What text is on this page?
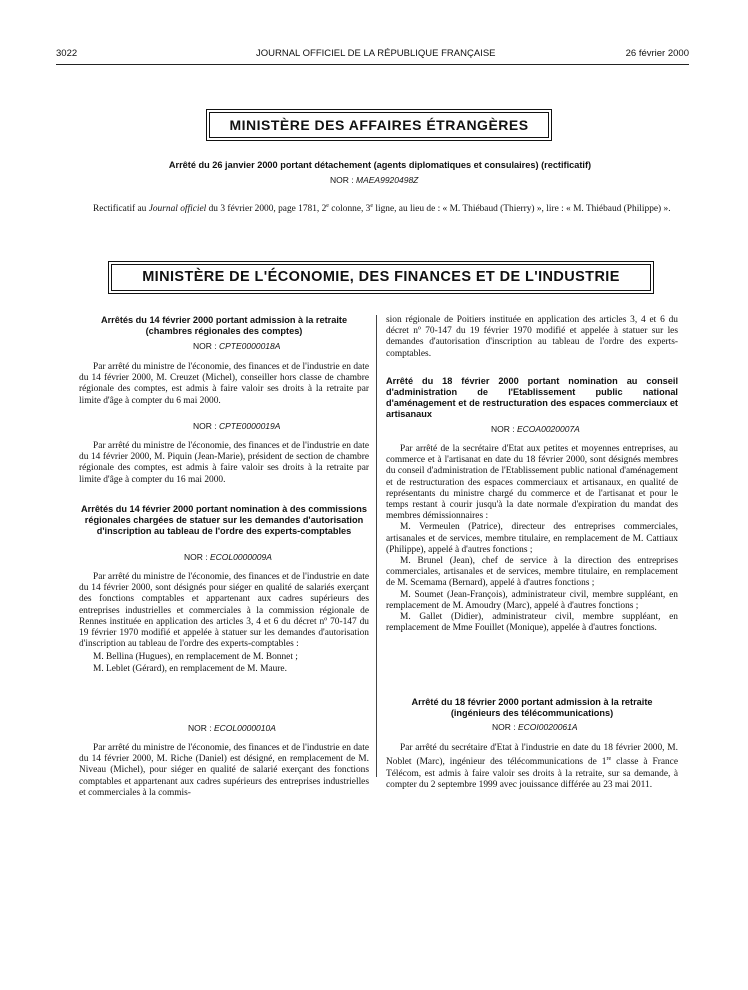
3022	JOURNAL OFFICIEL DE LA RÉPUBLIQUE FRANÇAISE	26 février 2000
MINISTÈRE DES AFFAIRES ÉTRANGÈRES
Arrêté du 26 janvier 2000 portant détachement (agents diplomatiques et consulaires) (rectificatif)
NOR : MAEA9920498Z

Rectificatif au Journal officiel du 3 février 2000, page 1781, 2e colonne, 3e ligne, au lieu de : « M. Thiébaud (Thierry) », lire : « M. Thiébaud (Philippe) ».

MINISTÈRE DE L'ÉCONOMIE, DES FINANCES ET DE L'INDUSTRIE
Arrêtés du 14 février 2000 portant admission à la retraite (chambres régionales des comptes)
NOR : CPTE0000018A

Par arrêté du ministre de l'économie, des finances et de l'industrie en date du 14 février 2000, M. Creuzet (Michel), conseiller hors classe de chambre régionale des comptes, est admis à faire valoir ses droits à la retraite par limite d'âge à compter du 6 mai 2000.

NOR : CPTE0000019A

Par arrêté du ministre de l'économie, des finances et de l'industrie en date du 14 février 2000, M. Piquin (Jean-Marie), président de section de chambre régionale des comptes, est admis à faire valoir ses droits à la retraite par limite d'âge à compter du 16 mai 2000.

Arrêtés du 14 février 2000 portant nomination à des commissions régionales chargées de statuer sur les demandes d'autorisation d'inscription au tableau de l'ordre des experts-comptables
NOR : ECOL0000009A

Par arrêté du ministre de l'économie, des finances et de l'industrie en date du 14 février 2000, sont désignés pour siéger en qualité de salariés exerçant des fonctions comptables et appartenant aux cadres supérieurs des entreprises industrielles et commerciales à la commission régionale de Rennes instituée en application des articles 3, 4 et 6 du décret nº 70-147 du 19 février 1970 modifié et appelée à statuer sur les demandes d'autorisation d'inscription au tableau de l'ordre des experts-comptables :

M. Bellina (Hugues), en remplacement de M. Bonnet ;

M. Leblet (Gérard), en remplacement de M. Maure.

NOR : ECOL0000010A

Par arrêté du ministre de l'économie, des finances et de l'industrie en date du 14 février 2000, M. Riche (Daniel) est désigné, en remplacement de M. Niveau (Michel), pour siéger en qualité de salarié exerçant des fonctions comptables et appartenant aux cadres supérieurs des entreprises industrielles et commerciales à la commis-

sion régionale de Poitiers instituée en application des articles 3, 4 et 6 du décret nº 70-147 du 19 février 1970 modifié et appelée à statuer sur les demandes d'autorisation d'inscription au tableau de l'ordre des experts-comptables.

Arrêté du 18 février 2000 portant nomination au conseil d'administration de l'Etablissement public national d'aménagement et de restructuration des espaces commerciaux et artisanaux
NOR : ECOA0020007A

Par arrêté de la secrétaire d'Etat aux petites et moyennes entreprises, au commerce et à l'artisanat en date du 18 février 2000, sont désignés membres du conseil d'administration de l'Etablissement public national d'aménagement et de restructuration des espaces commerciaux et artisanaux, en qualité de représentants du ministre chargé du commerce et de l'artisanat et pour le temps restant à courir jusqu'à la date normale d'expiration du mandat des membres démissionnaires :

M. Vermeulen (Patrice), directeur des entreprises commerciales, artisanales et de services, membre titulaire, en remplacement de M. Cattiaux (Philippe), appelé à d'autres fonctions ;

M. Brunel (Jean), chef de service à la direction des entreprises commerciales, artisanales et de services, membre titulaire, en remplacement de M. Scemama (Bernard), appelé à d'autres fonctions ;

M. Soumet (Jean-François), administrateur civil, membre suppléant, en remplacement de M. Amoudry (Marc), appelé à d'autres fonctions ;

M. Gallet (Didier), administrateur civil, membre suppléant, en remplacement de Mme Fouillet (Monique), appelée à d'autres fonctions.

Arrêté du 18 février 2000 portant admission à la retraite (ingénieurs des télécommunications)
NOR : ECOI0020061A

Par arrêté du secrétaire d'Etat à l'industrie en date du 18 février 2000, M. Noblet (Marc), ingénieur des télécommunications de 1re classe à France Télécom, est admis à faire valoir ses droits à la retraite, sur sa demande, à compter du 2 septembre 1999 avec jouissance différée au 23 mai 2011.
